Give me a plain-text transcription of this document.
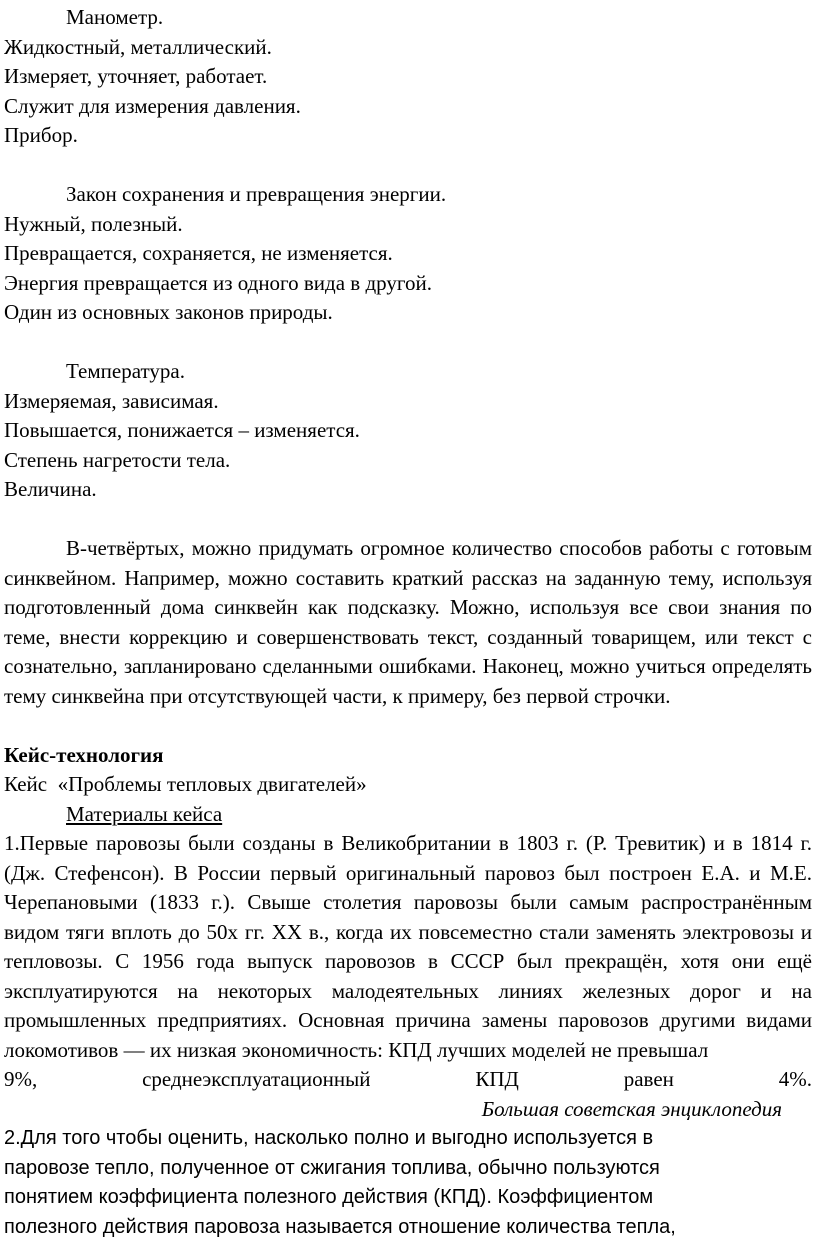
Манометр.
Жидкостный, металлический.
Измеряет, уточняет, работает.
Служит для измерения давления.
Прибор.
Закон сохранения и превращения энергии.
Нужный, полезный.
Превращается, сохраняется, не изменяется.
Энергия превращается из одного вида в другой.
Один из основных законов природы.
Температура.
Измеряемая, зависимая.
Повышается, понижается – изменяется.
Степень нагретости тела.
Величина.
В-четвёртых, можно придумать огромное количество способов работы с готовым синквейном. Например, можно составить краткий рассказ на заданную тему, используя подготовленный дома синквейн как подсказку. Можно, используя все свои знания по теме, внести коррекцию и совершенствовать текст, созданный товарищем, или текст с сознательно, запланировано сделанными ошибками. Наконец, можно учиться определять тему синквейна при отсутствующей части, к примеру, без первой строчки.
Кейс-технология
Кейс  «Проблемы тепловых двигателей»
Материалы кейса
1.Первые паровозы были созданы в Великобритании в 1803 г. (Р. Тревитик) и в 1814 г. (Дж. Стефенсон). В России первый оригинальный паровоз был построен Е.А. и М.Е. Черепановыми (1833 г.). Свыше столетия паровозы были самым распространённым видом тяги вплоть до 50х гг. XX в., когда их повсеместно стали заменять электровозы и тепловозы. С 1956 года выпуск паровозов в СССР был прекращён, хотя они ещё эксплуатируются на некоторых малодеятельных линиях железных дорог и на промышленных предприятиях. Основная причина замены паровозов другими видами локомотивов — их низкая экономичность: КПД лучших моделей не превышал
9%, среднеэксплуатационный КПД равен 4%.
Большая советская энциклопедия
2.Для того чтобы оценить, насколько полно и выгодно используется в
паровозе тепло, полученное от сжигания топлива, обычно пользуются
понятием коэффициента полезного действия (КПД). Коэффициентом
полезного действия паровоза называется отношение количества тепла,
